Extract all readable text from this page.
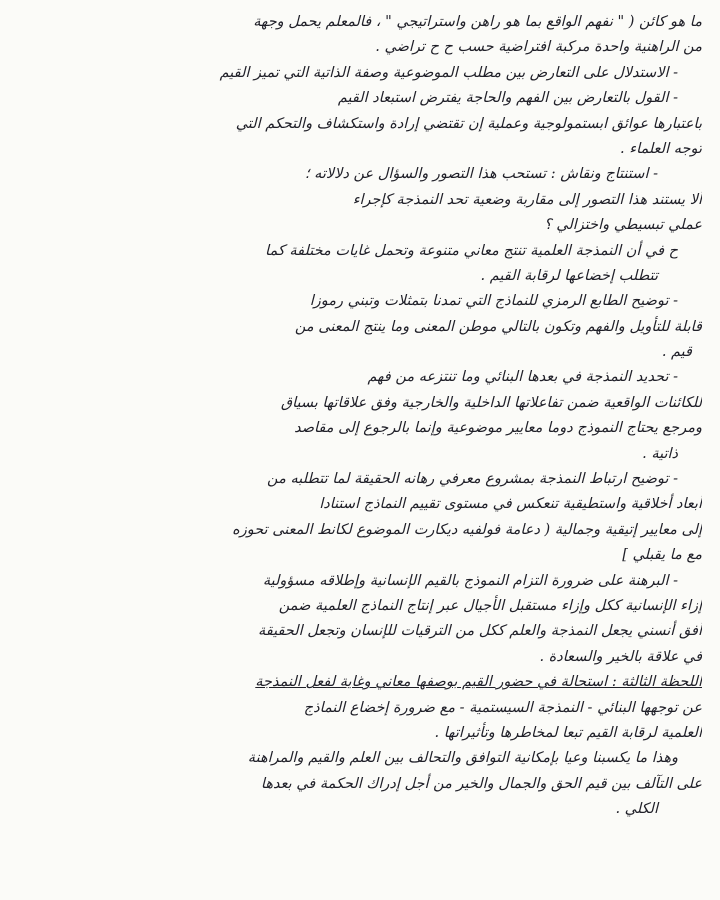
ما هو كائن ( " نفهم الواقع بما هو راهن واستراتيجي " ، فالمعلم يحمل وجهة
من الراهنية واحدة مركبة افتراضية حسب ح ح تراضي .
- الاستدلال على التعارض بين مطلب الموضوعية وصفة الذاتية التي تميز القيم
- القول بالتعارض بين الفهم والحاجة يفترض استبعاد القيم
باعتبارها عوائق ابستمولوجية وعملية إن تقتضي إرادة واستكشاف والتحكم التي
توجه العلماء .
- استنتاج ونقاش : تستحب هذا التصور والسؤال عن دلالاته ؛
ألا يستند هذا التصور إلى مقاربة وضعية تحد النمذجة كإجراء
عملي تبسيطي واختزالي ؟
ح في أن النمذجة العلمية تنتج معاني متنوعة وتحمل غايات مختلفة كما
تتطلب إخضاعها لرقابة القيم .
- توضيح الطابع الرمزي للنماذج التي تمدنا بتمثلات وتبني رموزا
قابلة للتأويل والفهم وتكون بالتالي موطن المعنى وما ينتج المعنى من
قيم .
- تحديد النمذجة في بعدها البنائي وما تنتزعه من فهم
للكائنات الواقعية ضمن تفاعلاتها الداخلية والخارجية وفق علاقاتها بسياق
ومرجع يحتاج النموذج دوما معايير موضوعية وإنما بالرجوع إلى مقاصد
ذاتية .
- توضيح ارتباط النمذجة بمشروع معرفي رهانه الحقيقة لما تتطلبه من
أبعاد أخلاقية واستطيقية تنعكس في مستوى تقييم النماذج استنادا
إلى معايير إتيقية وجمالية ( دعامة فولفيه ديكارت الموضوع لكانط المعنى تحوزه
مع ما يقبلي ]
- البرهنة على ضرورة التزام النموذج بالقيم الإنسانية وإطلاقه مسؤولية
إزاء الإنسانية ككل وإزاء مستقبل الأجيال عبر إنتاج النماذج العلمية ضمن
أفق أنسني يجعل النمذجة والعلم ككل من الترقيات للإنسان وتجعل الحقيقة
في علاقة بالخير والسعادة .
اللحظة الثالثة : استحالة في حضور القيم بوصفها معاني وغاية لفعل النمذجة
عن توجهها البنائي - النمذجة السيستمية - مع ضرورة إخضاع النماذج
العلمية لرقابة القيم تبعا لمخاطرها وتأثيراتها .
وهذا ما يكسبنا وعيا بإمكانية التوافق والتحالف بين العلم والقيم والمراهنة
على التآلف بين قيم الحق والجمال والخير من أجل إدراك الحكمة في بعدها
الكلي .
